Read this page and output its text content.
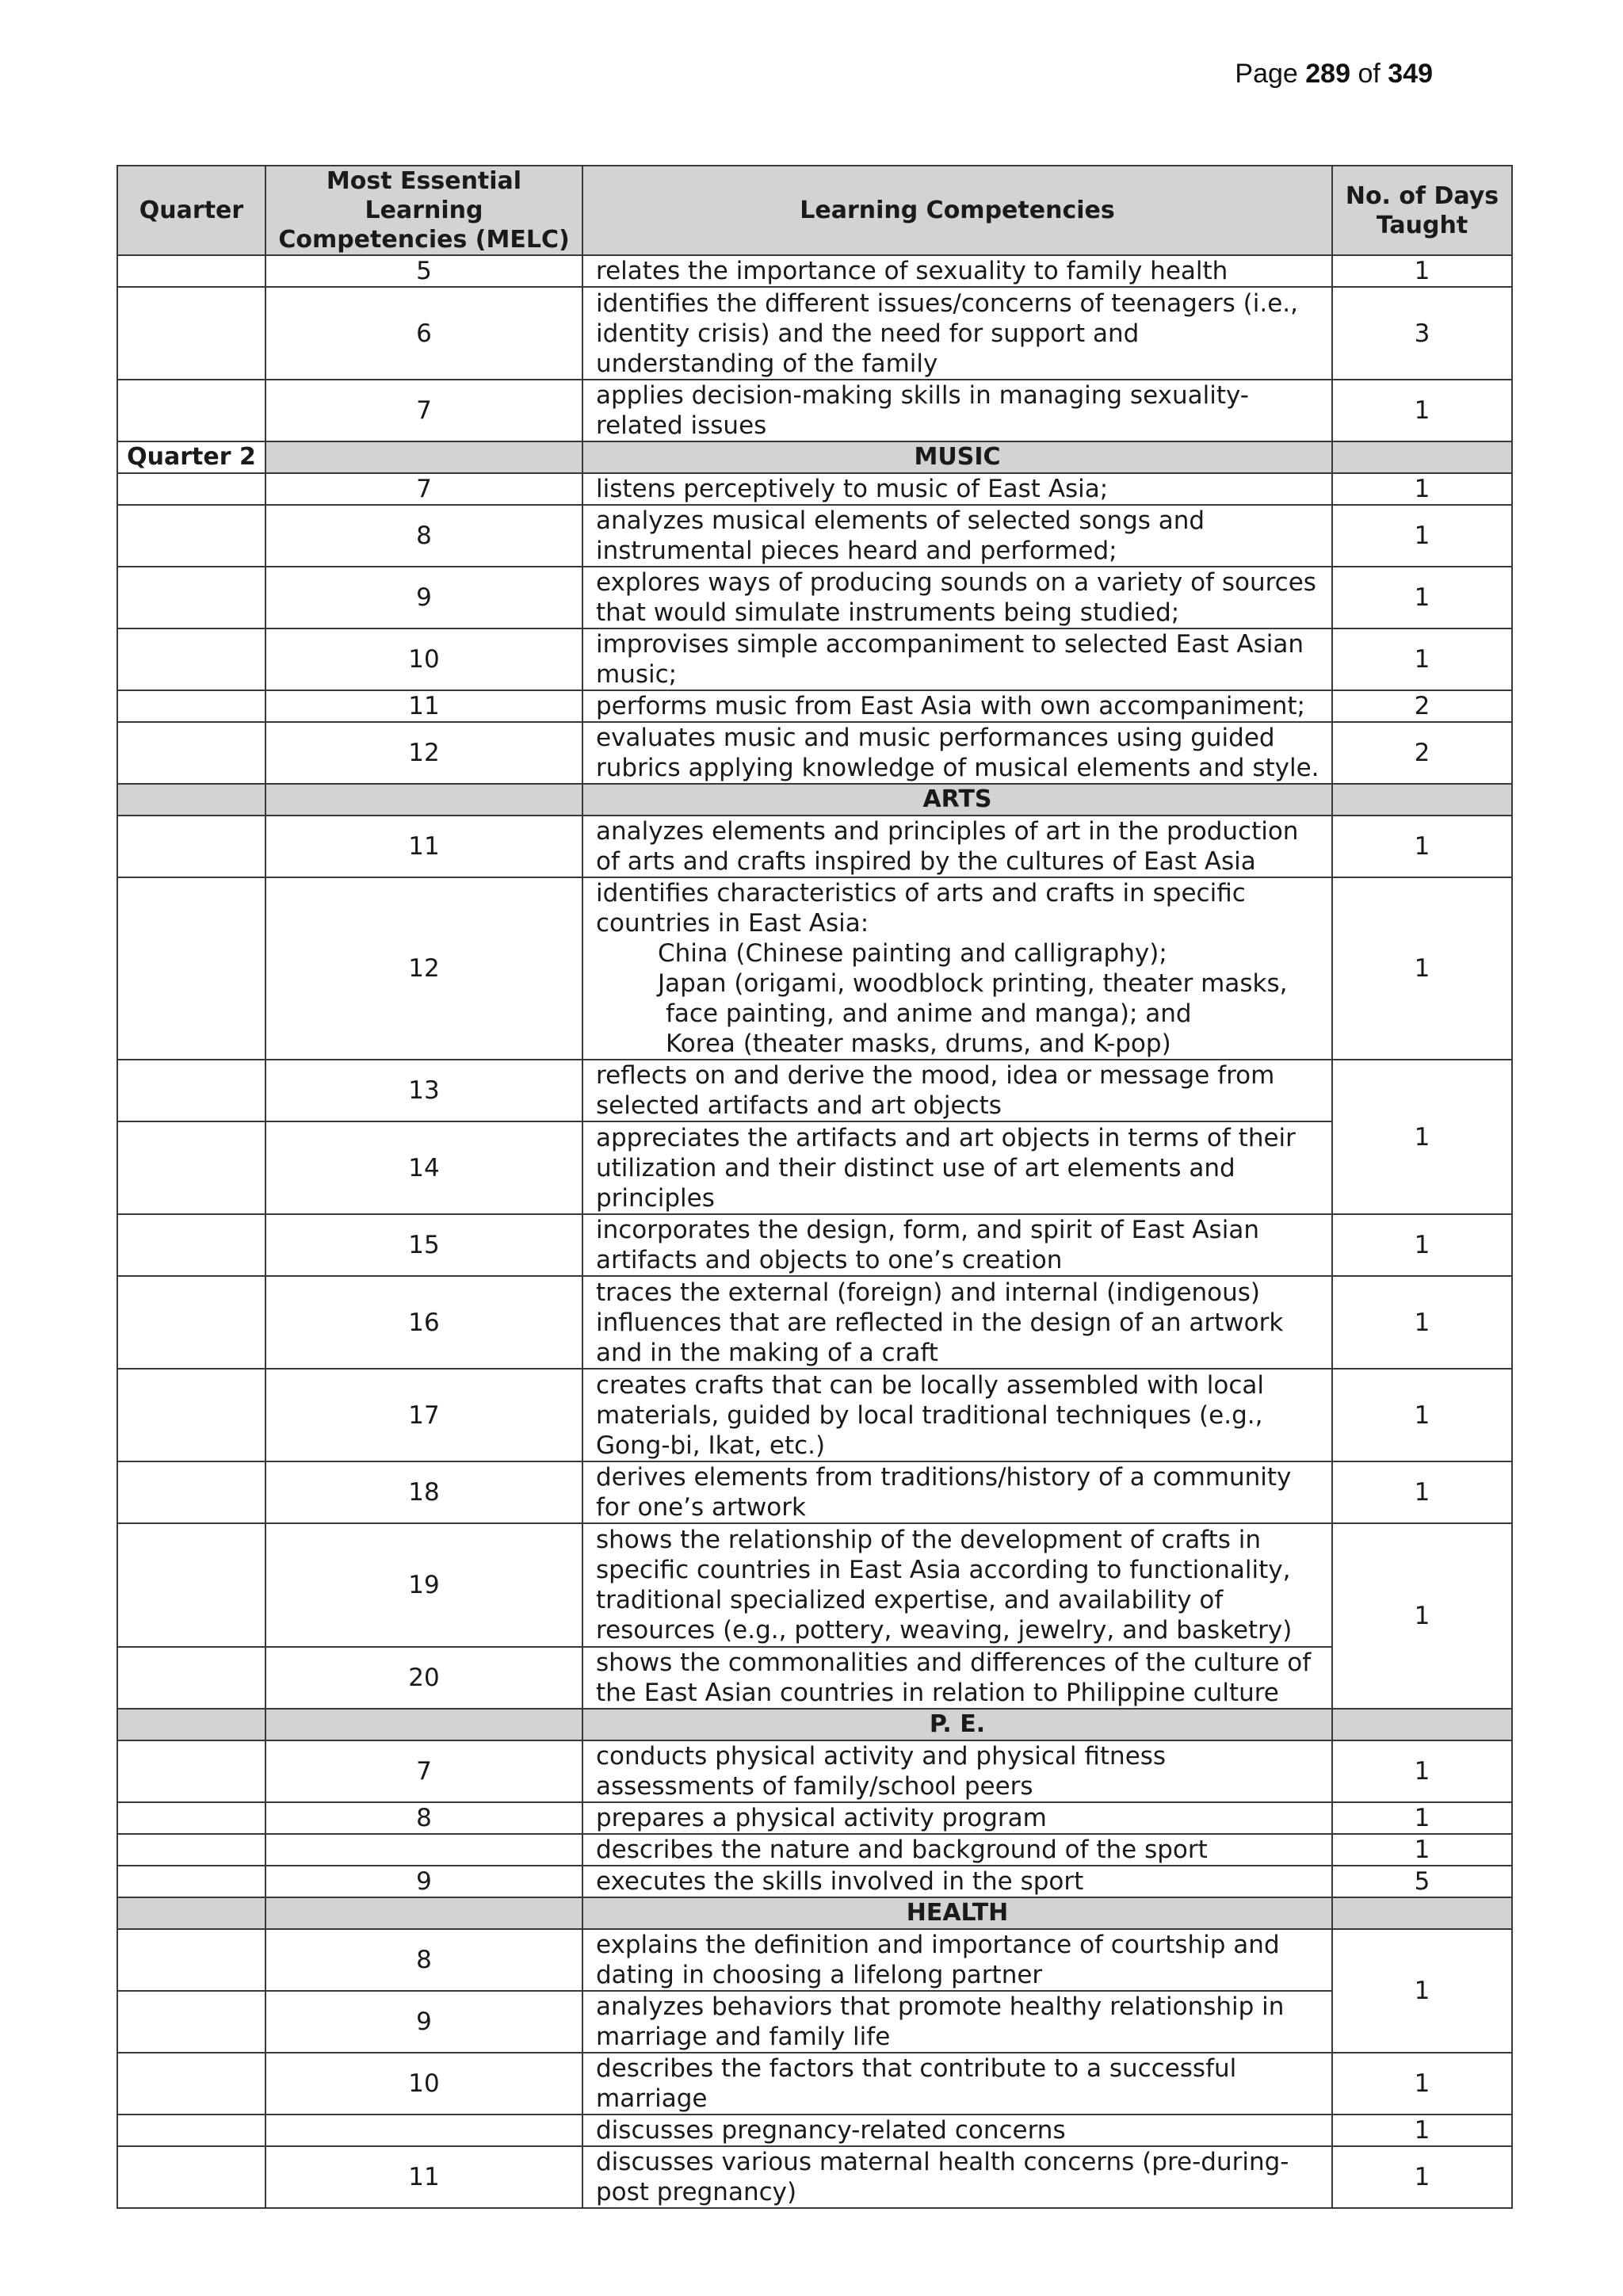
Page 289 of 349
Quarter	Most Essential Learning Competencies (MELC)	Learning Competencies	No. of Days Taught
	5	relates the importance of sexuality to family health	1
	6	identifies the different issues/concerns of teenagers (i.e., identity crisis) and the need for support and understanding of the family	3
	7	applies decision-making skills in managing sexuality-related issues	1
Quarter 2		MUSIC	
	7	listens perceptively to music of East Asia;	1
	8	analyzes musical elements of selected songs and instrumental pieces heard and performed;	1
	9	explores ways of producing sounds on a variety of sources that would simulate instruments being studied;	1
	10	improvises simple accompaniment to selected East Asian music;	1
	11	performs music from East Asia with own accompaniment;	2
	12	evaluates music and music performances using guided rubrics applying knowledge of musical elements and style.	2
		ARTS	
	11	analyzes elements and principles of art in the production of arts and crafts inspired by the cultures of East Asia	1
	12	identifies characteristics of arts and crafts in specific countries in East Asia:
China (Chinese painting and calligraphy);
Japan (origami, woodblock printing, theater masks,
face painting, and anime and manga); and
Korea (theater masks, drums, and K-pop)	1
	13	reflects on and derive the mood, idea or message from selected artifacts and art objects	1
	14	appreciates the artifacts and art objects in terms of their utilization and their distinct use of art elements and principles	
	15	incorporates the design, form, and spirit of East Asian artifacts and objects to one’s creation	1
	16	traces the external (foreign) and internal (indigenous) influences that are reflected in the design of an artwork and in the making of a craft	1
	17	creates crafts that can be locally assembled with local materials, guided by local traditional techniques (e.g., Gong-bi, Ikat, etc.)	1
	18	derives elements from traditions/history of a community for one’s artwork	1
	19	shows the relationship of the development of crafts in specific countries in East Asia according to functionality, traditional specialized expertise, and availability of resources (e.g., pottery, weaving, jewelry, and basketry)	1
	20	shows the commonalities and differences of the culture of the East Asian countries in relation to Philippine culture	
		P. E.	
	7	conducts physical activity and physical fitness assessments of family/school peers	1
	8	prepares a physical activity program	1
		describes the nature and background of the sport	1
	9	executes the skills involved in the sport	5
		HEALTH	
	8	explains the definition and importance of courtship and dating in choosing a lifelong partner	1
	9	analyzes behaviors that promote healthy relationship in marriage and family life	
	10	describes the factors that contribute to a successful marriage	1
		discusses pregnancy-related concerns	1
	11	discusses various maternal health concerns (pre-during-post pregnancy)	1
